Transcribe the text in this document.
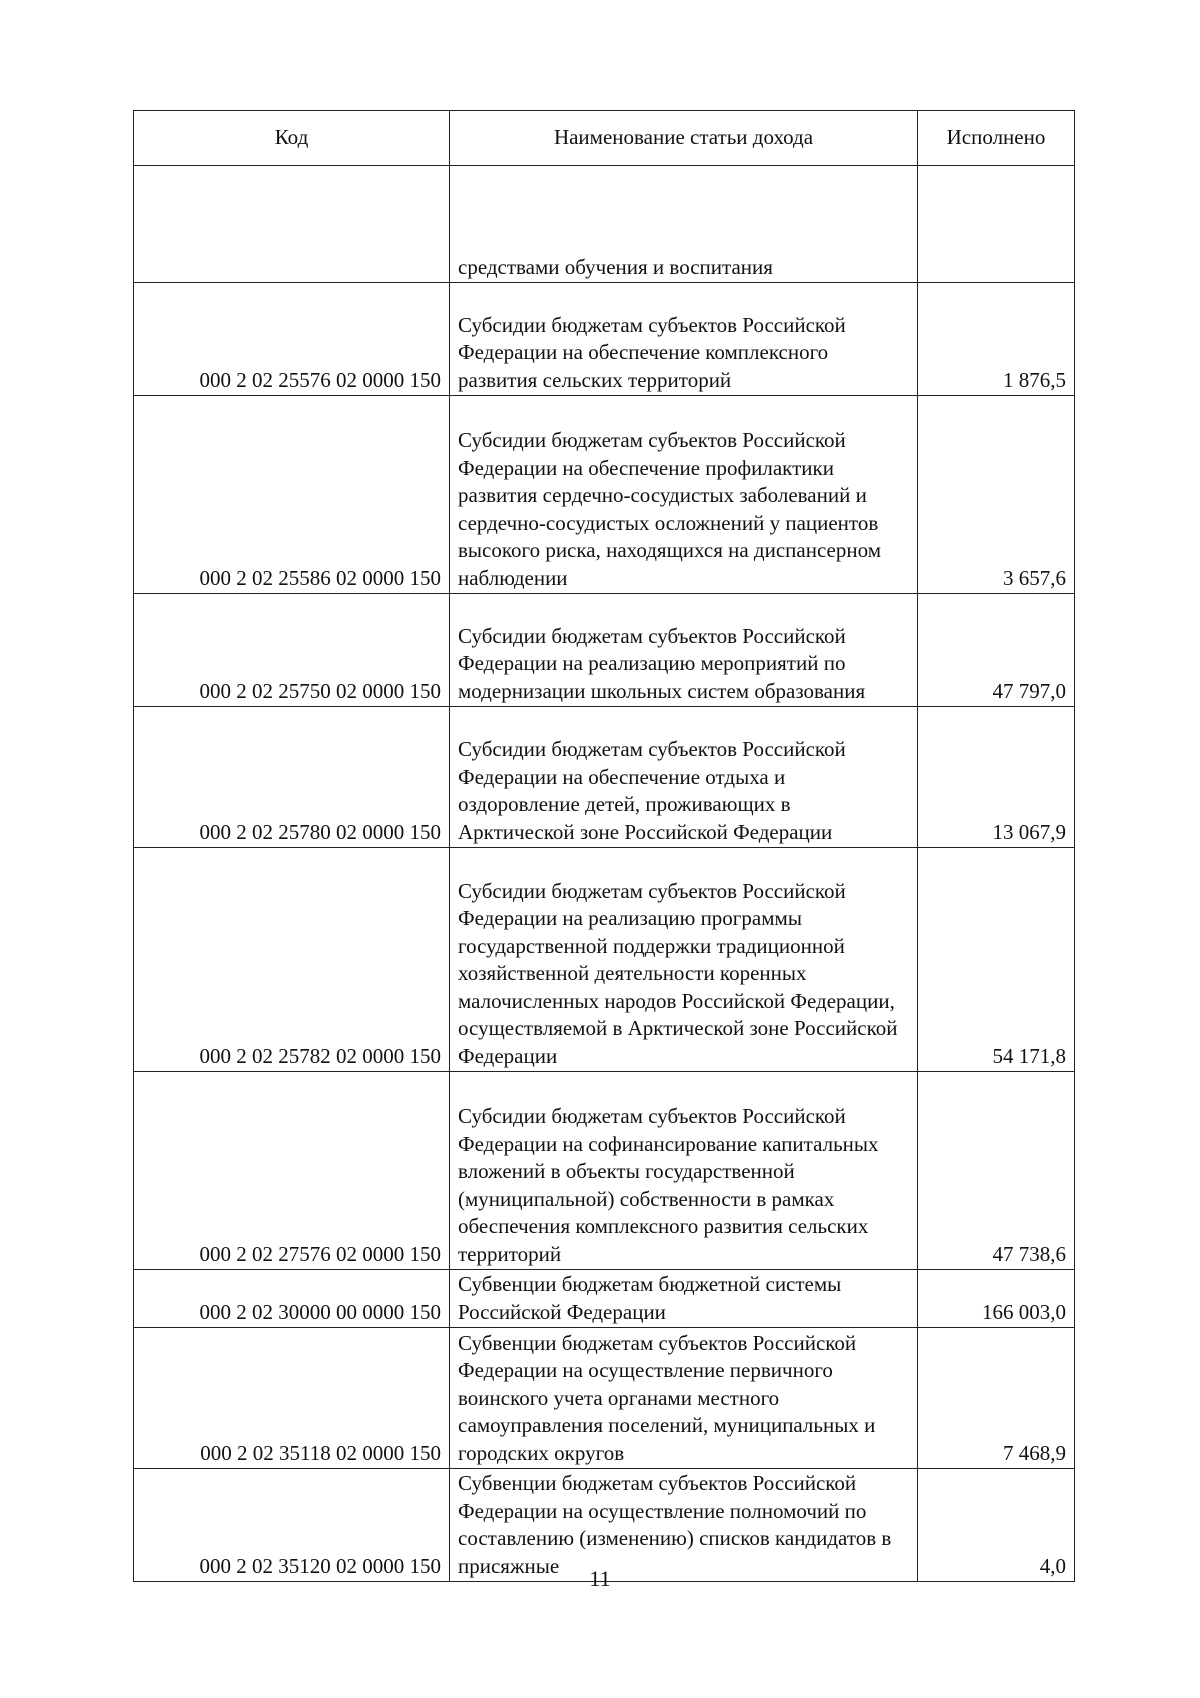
Код	Наименование статьи дохода	Исполнено
	средствами обучения и воспитания	
000 2 02 25576 02 0000 150	Субсидии бюджетам субъектов Российской Федерации на обеспечение комплексного развития сельских территорий	1 876,5
000 2 02 25586 02 0000 150	Субсидии бюджетам субъектов Российской Федерации на обеспечение профилактики развития сердечно-сосудистых заболеваний и сердечно-сосудистых осложнений у пациентов высокого риска, находящихся на диспансерном наблюдении	3 657,6
000 2 02 25750 02 0000 150	Субсидии бюджетам субъектов Российской Федерации на реализацию мероприятий по модернизации школьных систем образования	47 797,0
000 2 02 25780 02 0000 150	Субсидии бюджетам субъектов Российской Федерации на обеспечение отдыха и оздоровление детей, проживающих в Арктической зоне Российской Федерации	13 067,9
000 2 02 25782 02 0000 150	Субсидии бюджетам субъектов Российской Федерации на реализацию программы государственной поддержки традиционной хозяйственной деятельности коренных малочисленных народов Российской Федерации, осуществляемой в Арктической зоне Российской Федерации	54 171,8
000 2 02 27576 02 0000 150	Субсидии бюджетам субъектов Российской Федерации на софинансирование капитальных вложений в объекты государственной (муниципальной) собственности в рамках обеспечения комплексного развития сельских территорий	47 738,6
000 2 02 30000 00 0000 150	Субвенции бюджетам бюджетной системы Российской Федерации	166 003,0
000 2 02 35118 02 0000 150	Субвенции бюджетам субъектов Российской Федерации на осуществление первичного воинского учета органами местного самоуправления поселений, муниципальных и городских округов	7 468,9
000 2 02 35120 02 0000 150	Субвенции бюджетам субъектов Российской Федерации на осуществление полномочий по составлению (изменению) списков кандидатов в присяжные	4,0
11
